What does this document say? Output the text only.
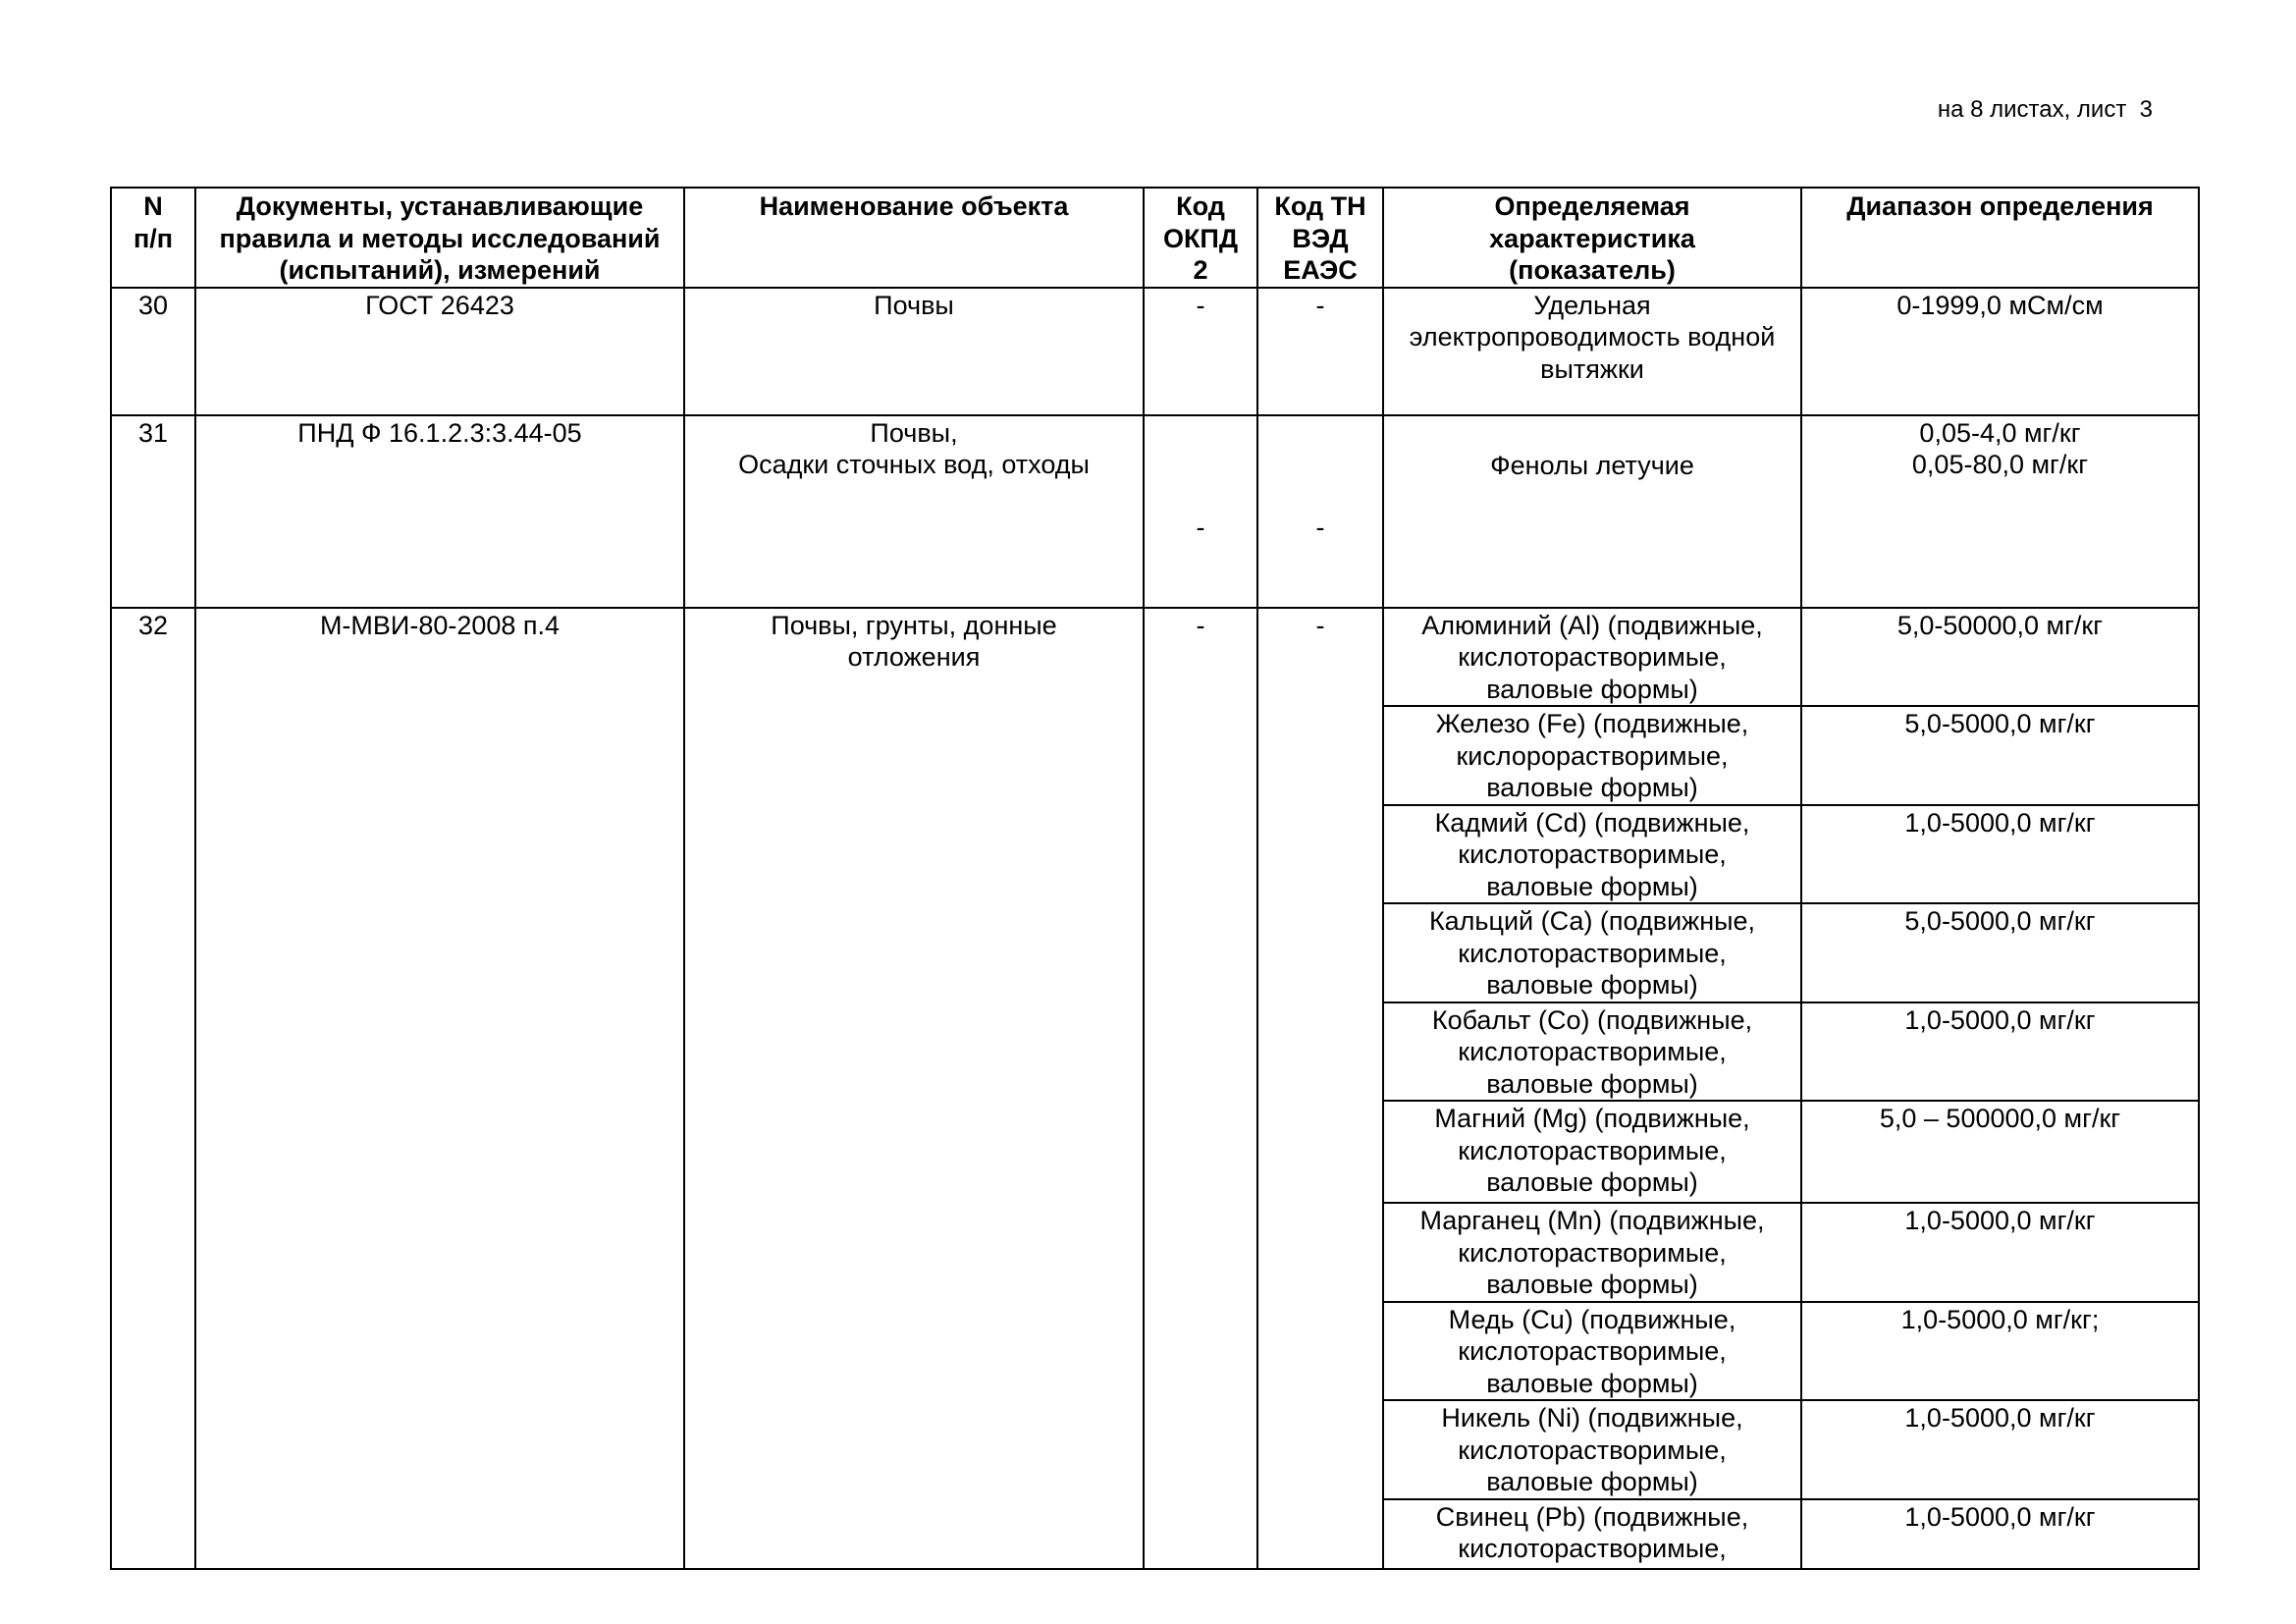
на 8 листах, лист  3
N
п/п	Документы, устанавливающие
правила и методы исследований
(испытаний), измерений	Наименование объекта	Код
ОКПД
2	Код ТН
ВЭД
ЕАЭС	Определяемая
характеристика
(показатель)	Диапазон определения
30	ГОСТ 26423	Почвы	-	-	Удельная
электропроводимость водной
вытяжки	0-1999,0 мСм/см
31	ПНД Ф 16.1.2.3:3.44-05	Почвы,
Осадки сточных вод, отходы	-	-	Фенолы летучие	0,05-4,0 мг/кг
0,05-80,0 мг/кг
32	М-МВИ-80-2008 п.4	Почвы, грунты, донные
отложения	-	-	Алюминий (Al) (подвижные,
кислоторастворимые,
валовые формы)	5,0-50000,0 мг/кг
					Железо (Fe) (подвижные,
кислорорастворимые,
валовые формы)	5,0-5000,0 мг/кг
					Кадмий (Cd) (подвижные,
кислоторастворимые,
валовые формы)	1,0-5000,0 мг/кг
					Кальций (Са) (подвижные,
кислоторастворимые,
валовые формы)	5,0-5000,0 мг/кг
					Кобальт (Со) (подвижные,
кислоторастворимые,
валовые формы)	1,0-5000,0 мг/кг
					Магний (Mg) (подвижные,
кислоторастворимые,
валовые формы)	5,0 – 500000,0 мг/кг
					Марганец (Mn) (подвижные,
кислоторастворимые,
валовые формы)	1,0-5000,0 мг/кг
					Медь (Cu) (подвижные,
кислоторастворимые,
валовые формы)	1,0-5000,0 мг/кг;
					Никель (Ni) (подвижные,
кислоторастворимые,
валовые формы)	1,0-5000,0 мг/кг
					Свинец (Pb) (подвижные,
кислоторастворимые,	1,0-5000,0 мг/кг
